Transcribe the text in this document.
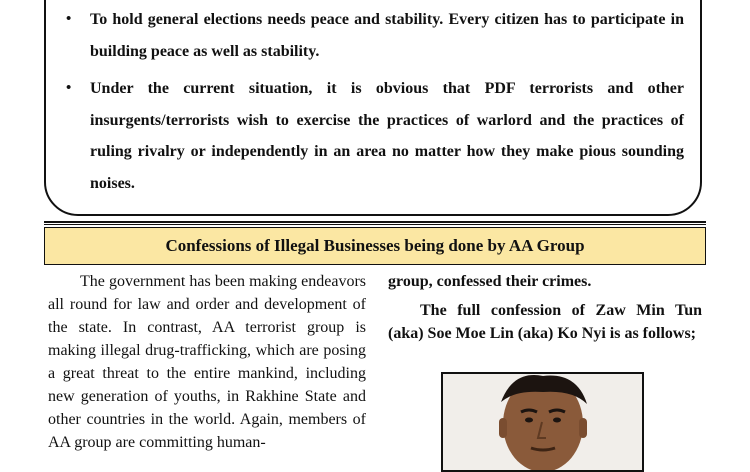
• To hold general elections needs peace and stability. Every citizen has to participate in building peace as well as stability.
• Under the current situation, it is obvious that PDF terrorists and other insurgents/terrorists wish to exercise the practices of warlord and the practices of ruling rivalry or independently in an area no matter how they make pious sounding noises.
Confessions of Illegal Businesses being done by AA Group

The government has been making endeavors all round for law and order and development of the state. In contrast, AA terrorist group is making illegal drug-trafficking, which are posing a great threat to the entire mankind, including new generation of youths, in Rakhine State and other countries in the world. Again, members of AA group are committing human-

group, confessed their crimes.

The full confession of Zaw Min Tun (aka) Soe Moe Lin (aka) Ko Nyi is as follows;
